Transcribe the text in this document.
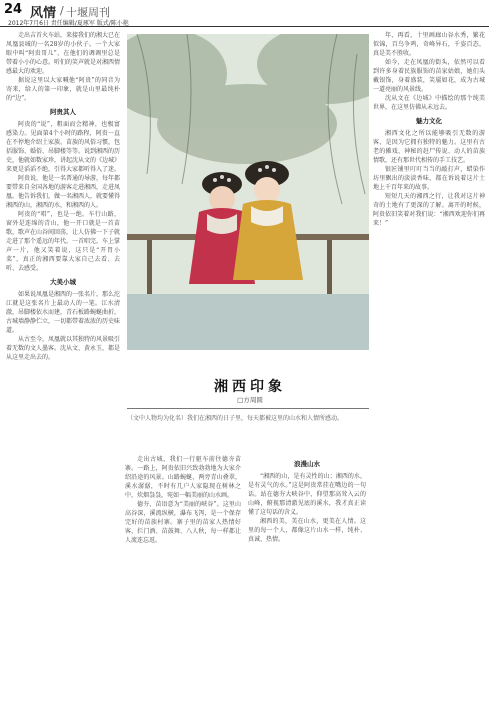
24 风情 / 十堰周刊
2012年7月6日 责任编辑/夏琢军 版式/陈小艳

走出吉首火车站，来接我们的湘大已在凤凰县城的一名28岁的小伙子。一个大家眼中叫“阿贵哥儿”，在他们的调调里总是带着小小的心意。听们的笑声就是对湘西情感最大的欢迎。

据说这里以大家喊他“阿贵”的同音为寄来，给人的第一印象，就是山里最纯朴的“边”。

阿贵其人

阿贵的“说”，粗面而会精神，也极富感染力。见面第4个小时的路程，阿贵一直在不停地介绍土家族、苗族的风俗习惯，包括服饰、婚俗、吊脚楼等等。说到湘西的历史，他就如数家珍，讲起沈从文的《边城》来更是滔滔不绝，引得大家都听得入了迷。

阿贵说，他是一名普通的导游，每年都要带来自全国各地的游客走进湘西，走进凤凰。他告诉我们，做一名湘西人，就要懂得湘西的山，湘西的水，和湘西的人。

阿贵的“唱”，也是一绝。车行山路，窗外是连绵的青山，他一开口就是一首苗歌，歌声在山谷间回荡，让人仿佛一下子就走进了那个遥远的年代。一首唱完，车上掌声一片，他又笑着说，这只是“开胃小菜”，真正的湘西要靠大家自己去看、去听、去感受。

大美小城

如果说凤凰是湘西的一张名片，那么沱江就是这张名片上最动人的一笔。江水清澈，吊脚楼依水而建，青石板路蜿蜒曲折，古城墙静静伫立，一切都带着浓浓的历史味道。

从古至今，凤凰就以其独特的风景吸引着无数的文人墨客。沈从文、黄永玉，都是从这里走出去的。

湘西印象
□方周圆
（文中人物均为化名）我们在湘西的日子里，每天都被这里的山水和人情所感动。

走出古城，我们一行驱车前往德夯苗寨。一路上，阿贵依旧兴致勃勃地为大家介绍沿途的风景。山路蜿蜒，两旁青山叠翠，溪水潺潺，不时有几户人家隐现在树林之中，炊烟袅袅，宛如一幅美丽的山水画。

德夯，苗语意为“美丽的峡谷”。这里山高谷深，溪流纵横，瀑布飞泻，是一个保存完好的苗族村寨。寨子里的苗家人热情好客，拦门酒、苗鼓舞、八人秋，每一样都让人流连忘返。

浪漫山水

“湘西的山，是有灵性的山；湘西的水，是有灵气的水。”这是阿贵常挂在嘴边的一句话。站在德夯大峡谷中，仰望那高耸入云的山峰，俯视那清澈见底的溪水，我才真正读懂了这句话的含义。

湘西的美，美在山水，更美在人情。这里的每一个人，都像这片山水一样，纯朴、真诚、热情。

年，再看，十里画廊山谷水秀，繁花似锦，百鸟争鸣，奇峰异石，千姿百态，真是美不胜收。

如今，走在凤凰的街头，依然可以看到许多身着民族服饰的苗家姑娘，她们头戴银饰，身着盛装，笑靥如花，成为古城一道亮丽的风景线。

沈从文在《边城》中描绘的那个纯美世界，在这里仿佛从未远去。

魅力文化

湘西文化之所以能够吸引无数的游客，是因为它拥有独特的魅力。这里有古老的傩戏、神秘的赶尸传说、动人的苗族情歌，还有那世代相传的手工技艺。

银匠铺里叮叮当当的敲打声，蜡染作坊里飘出的淡淡香味，都在诉说着这片土地上千百年来的故事。

短短几天的湘西之行，让我对这片神奇的土地有了更深的了解。离开的时候，阿贵依旧笑着对我们说：“湘西欢迎你们再来！”
